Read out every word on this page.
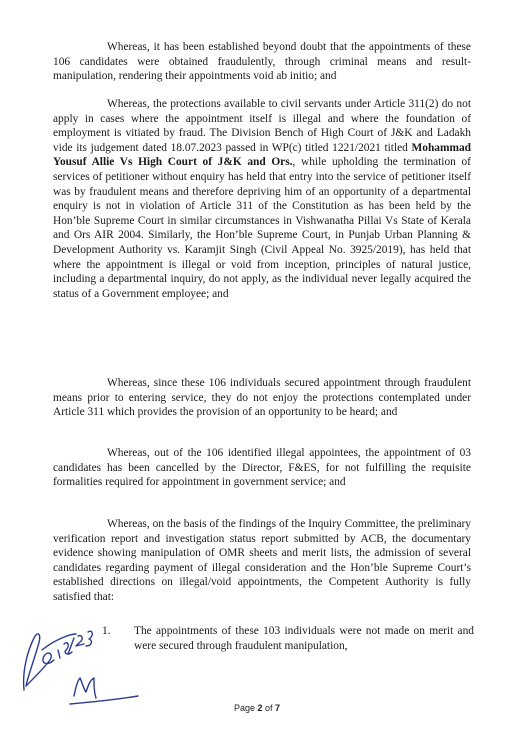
Whereas, it has been established beyond doubt that the appointments of these 106 candidates were obtained fraudulently, through criminal means and result-manipulation, rendering their appointments void ab initio; and

Whereas, the protections available to civil servants under Article 311(2) do not apply in cases where the appointment itself is illegal and where the foundation of employment is vitiated by fraud. The Division Bench of High Court of J&K and Ladakh vide its judgement dated 18.07.2023 passed in WP(c) titled 1221/2021 titled Mohammad Yousuf Allie Vs High Court of J&K and Ors., while upholding the termination of services of petitioner without enquiry has held that entry into the service of petitioner itself was by fraudulent means and therefore depriving him of an opportunity of a departmental enquiry is not in violation of Article 311 of the Constitution as has been held by the Hon’ble Supreme Court in similar circumstances in Vishwanatha Pillai Vs State of Kerala and Ors AIR 2004. Similarly, the Hon’ble Supreme Court, in Punjab Urban Planning & Development Authority vs. Karamjit Singh (Civil Appeal No. 3925/2019), has held that where the appointment is illegal or void from inception, principles of natural justice, including a departmental inquiry, do not apply, as the individual never legally acquired the status of a Government employee; and

Whereas, since these 106 individuals secured appointment through fraudulent means prior to entering service, they do not enjoy the protections contemplated under Article 311 which provides the provision of an opportunity to be heard; and

Whereas, out of the 106 identified illegal appointees, the appointment of 03 candidates has been cancelled by the Director, F&ES, for not fulfilling the requisite formalities required for appointment in government service; and

Whereas, on the basis of the findings of the Inquiry Committee, the preliminary verification report and investigation status report submitted by ACB, the documentary evidence showing manipulation of OMR sheets and merit lists, the admission of several candidates regarding payment of illegal consideration and the Hon’ble Supreme Court’s established directions on illegal/void appointments, the Competent Authority is fully satisfied that:

1.	The appointments of these 103 individuals were not made on merit and were secured through fraudulent manipulation,
Page 2 of 7
